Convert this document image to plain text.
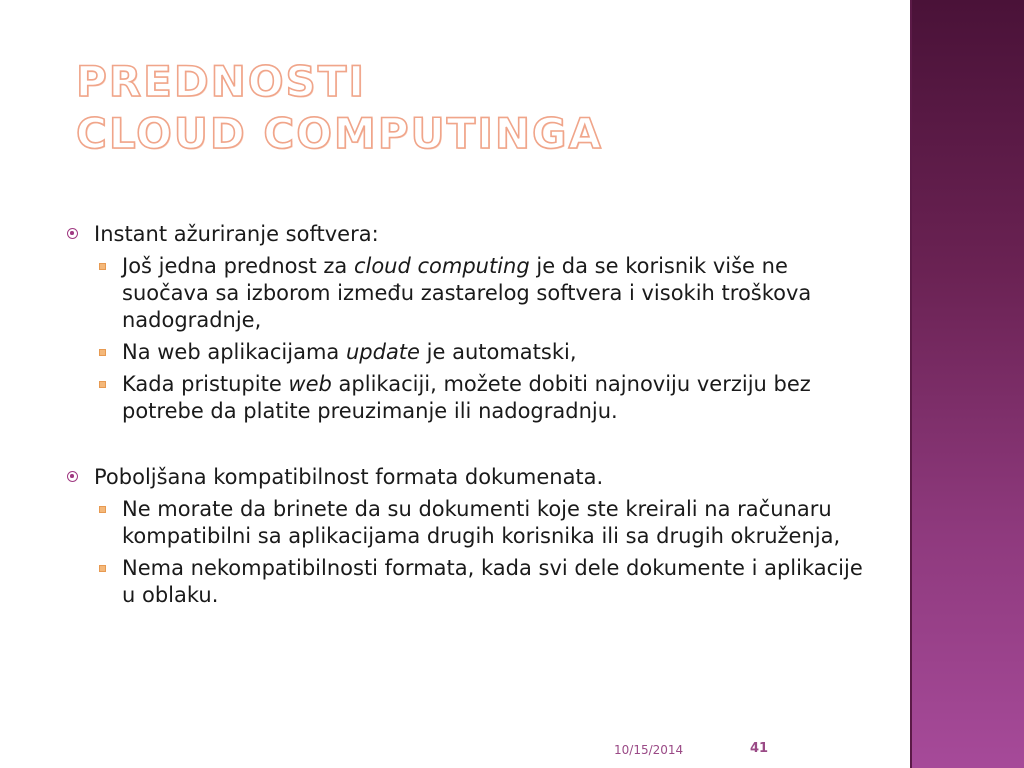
PREDNOSTI
CLOUD COMPUTINGA
Instant ažuriranje softvera:
Još jedna prednost za cloud computing je da se korisnik više ne suočava sa izborom između zastarelog softvera i visokih troškova nadogradnje,
Na web aplikacijama update je automatski,
Kada pristupite web aplikaciji, možete dobiti najnoviju verziju bez potrebe da platite preuzimanje ili nadogradnju.
Poboljšana kompatibilnost formata dokumenata.
Ne morate da brinete da su dokumenti koje ste kreirali na računaru kompatibilni sa aplikacijama drugih korisnika ili sa drugih okruženja,
Nema nekompatibilnosti formata, kada svi dele dokumente i aplikacije u oblaku.
10/15/2014	41
